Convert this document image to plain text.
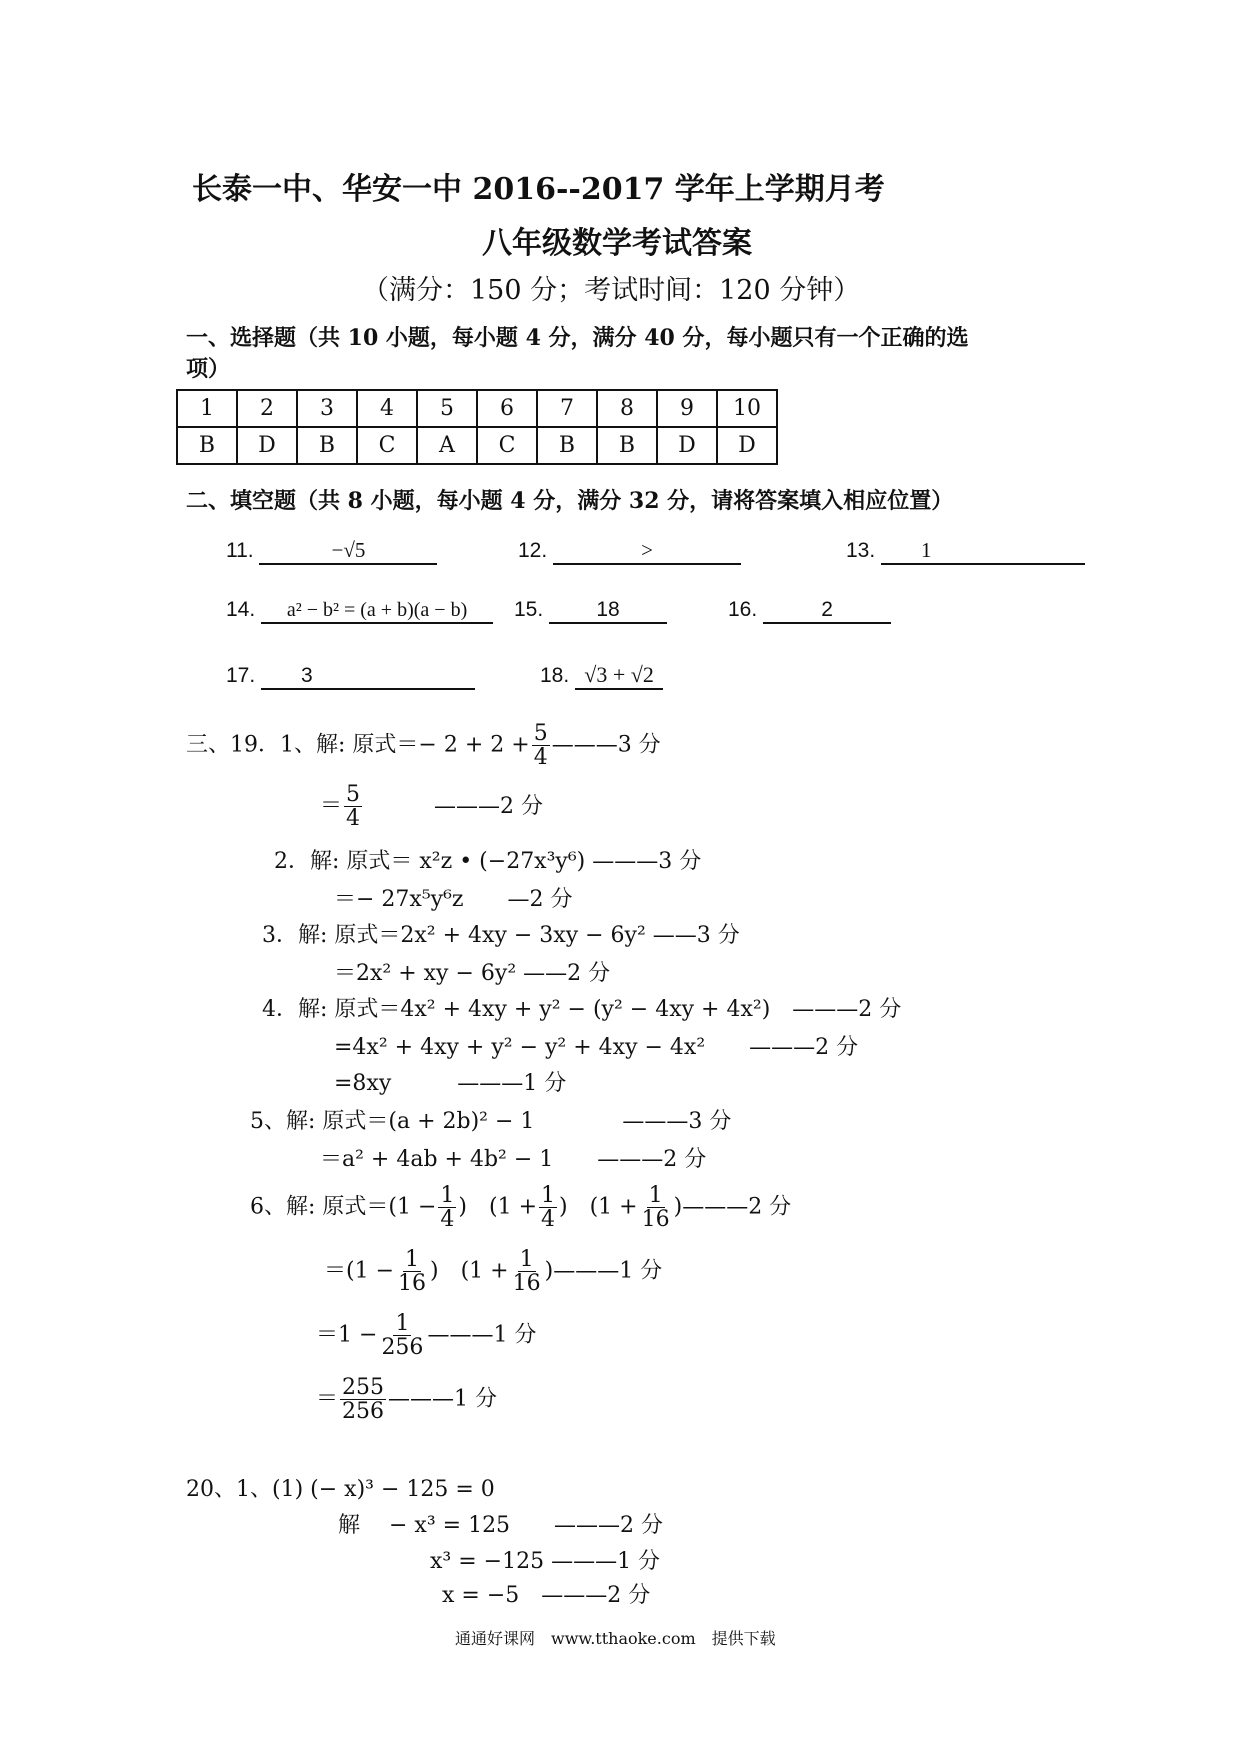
长泰一中、华安一中 2016--2017 学年上学期月考
八年级数学考试答案
（满分：150 分；考试时间：120 分钟）
一、选择题（共 10 小题，每小题 4 分，满分 40 分，每小题只有一个正确的选
项）
1	2	3	4	5	6	7	8	9	10
B	D	B	C	A	C	B	B	D	D
二、填空题（共 8 小题，每小题 4 分，满分 32 分，请将答案填入相应位置）
11.	−√5	12.	>	13. 1
14. a² − b² = (a + b)(a − b)	15.	18	16.	2
17. 3	18. √3 + √2
三、19．1、解: 原式＝− $2 + 2 + \frac{5}{4}$ ———3 分
＝ $\frac{5}{4}$	———2 分
2．解: 原式＝ x²z • (−27x³y⁶) ———3 分
＝− 27x⁵y⁶z　　—2 分
3．解: 原式＝2x² + 4xy − 3xy − 6y² ——3 分
＝2x² + xy − 6y² ——2 分
4．解: 原式＝4x² + 4xy + y² − (y² − 4xy + 4x²)　———2 分
=4x² + 4xy + y² − y² + 4xy − 4x²　　———2 分
=8xy　　　———1 分
5、解: 原式＝(a + 2b)² − 1　　　　———3 分
＝a² + 4ab + 4b² − 1　　———2 分
6、解: 原式$=(1 - \frac{1}{4}$ )　($1 + \frac{1}{4}$ )　($1 + \frac{1}{16}$ )———2 分
$=(1 - \frac{1}{16}$ )　($1 + \frac{1}{16}$ )———1 分
$=1 - \frac{1}{256}$ ———1 分
＝ $\frac{255}{256}$ ———1 分
20、1、(1) (− x)³ − 125 = 0
解　 − x³ = 125　　———2 分
x³ = −125 ———1 分
x = −5　———2 分
通通好课网　www.tthaoke.com　提供下载
